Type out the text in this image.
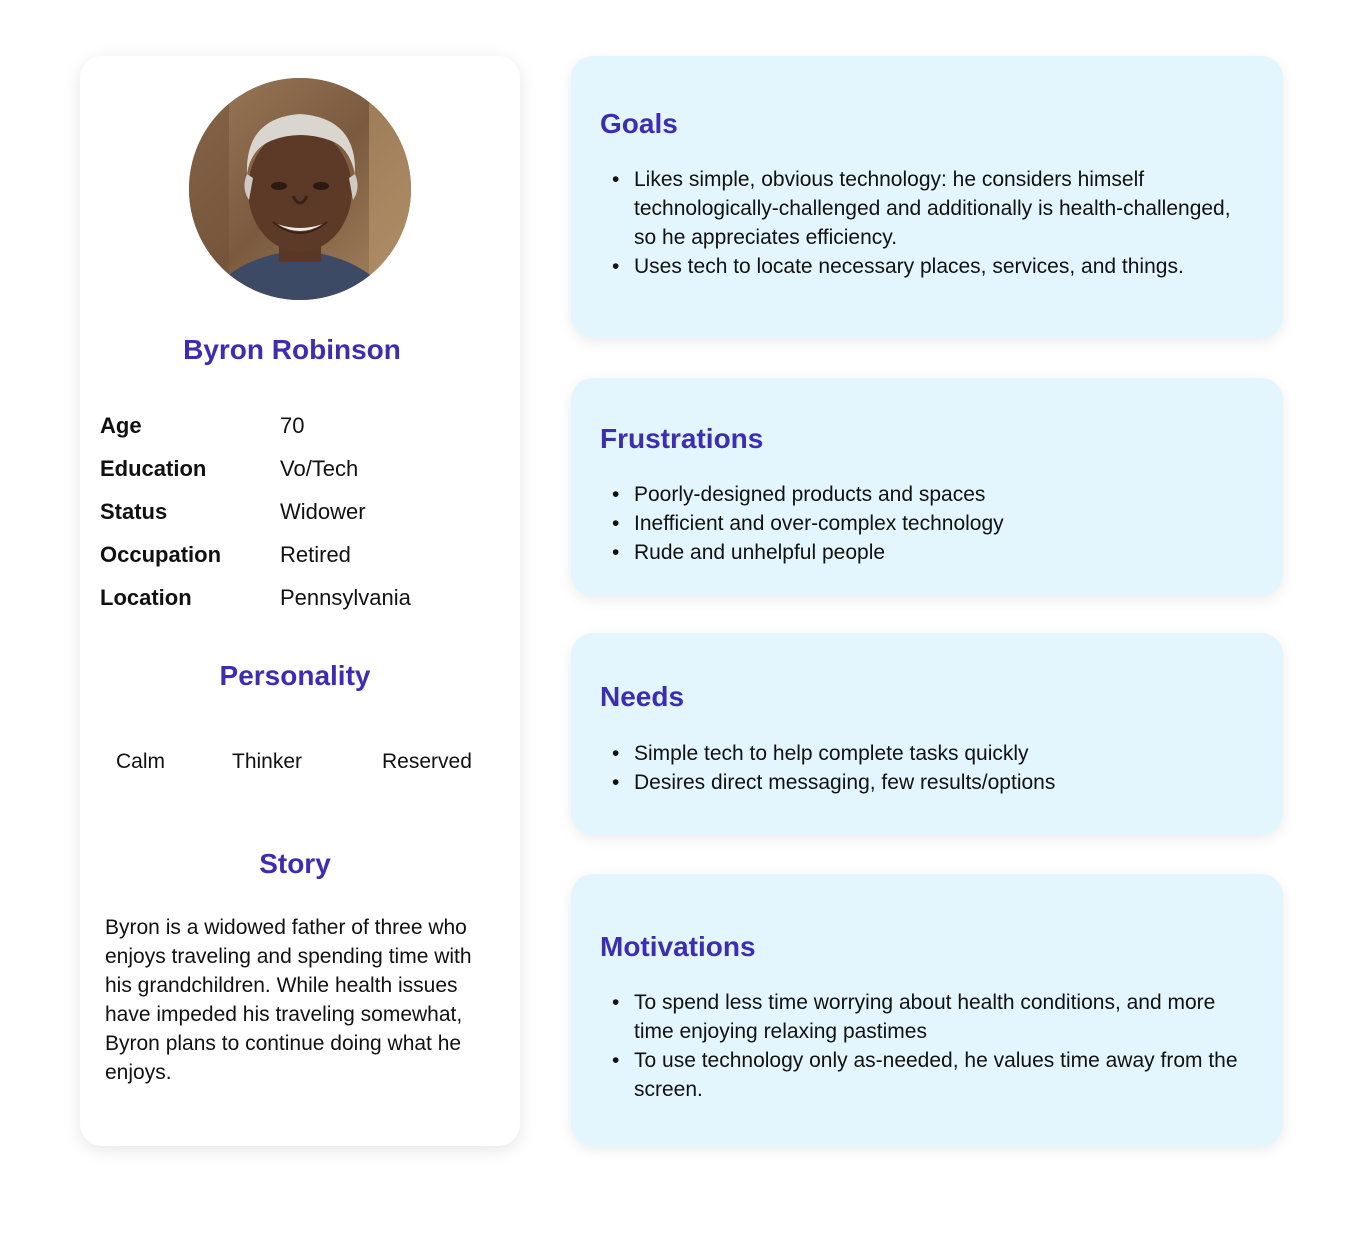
Byron Robinson
Age	70
Education	Vo/Tech
Status	Widower
Occupation	Retired
Location	Pennsylvania
Personality
Calm	Thinker	Reserved
Story
Byron is a widowed father of three who enjoys traveling and spending time with his grandchildren. While health issues have impeded his traveling somewhat, Byron plans to continue doing what he enjoys.
Goals
• Likes simple, obvious technology: he considers himself technologically-challenged and additionally is health-challenged, so he appreciates efficiency.
• Uses tech to locate necessary places, services, and things.
Frustrations
• Poorly-designed products and spaces
• Inefficient and over-complex technology
• Rude and unhelpful people
Needs
• Simple tech to help complete tasks quickly
• Desires direct messaging, few results/options
Motivations
• To spend less time worrying about health conditions, and more time enjoying relaxing pastimes
• To use technology only as-needed, he values time away from the screen.
